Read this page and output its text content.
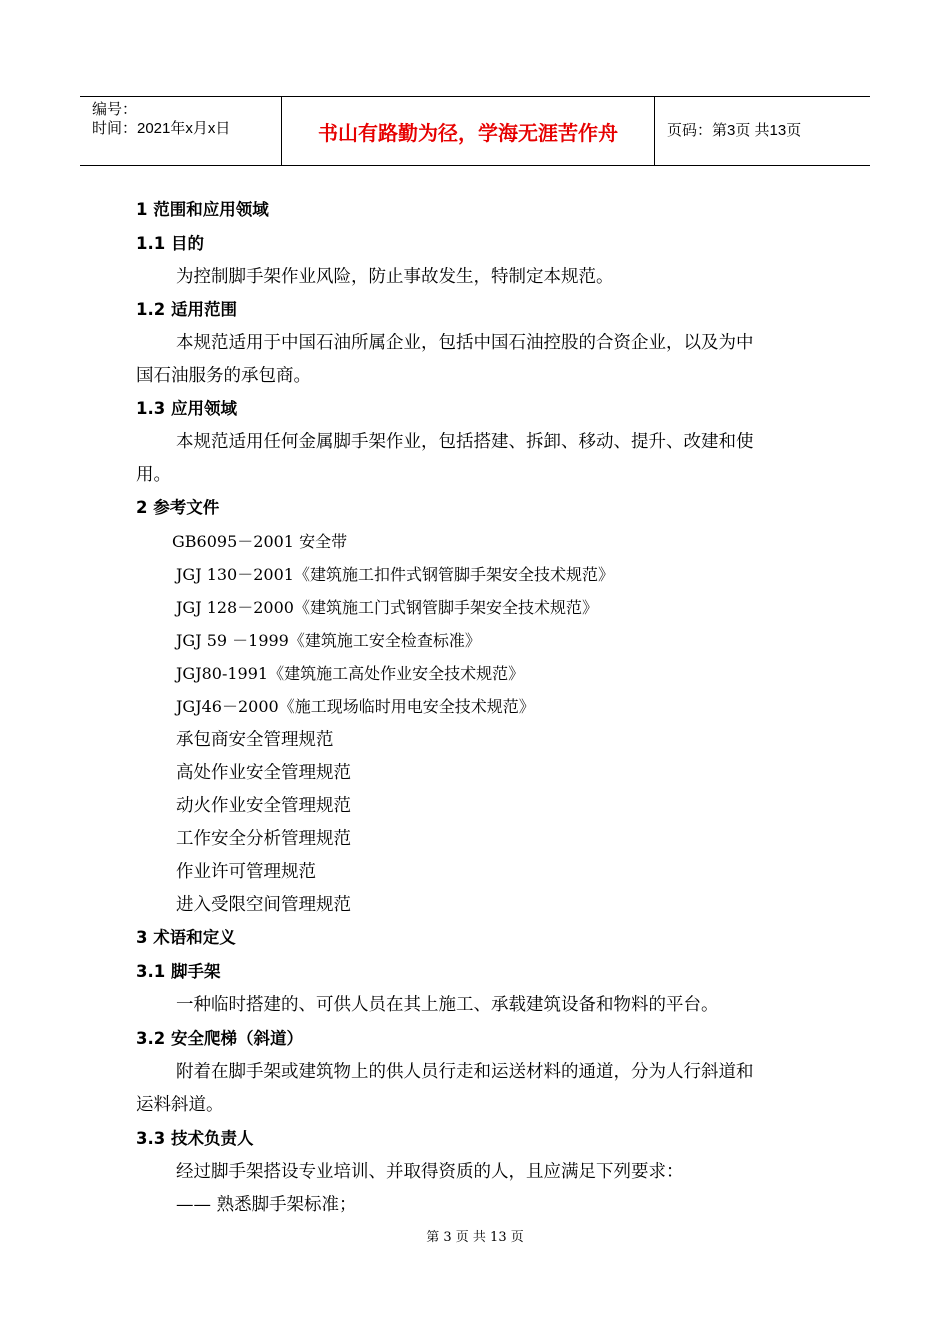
编号：
时间：2021年x月x日	书山有路勤为径，学海无涯苦作舟	页码：第3页 共13页
1 范围和应用领域
1.1 目的
为控制脚手架作业风险，防止事故发生，特制定本规范。
1.2 适用范围
本规范适用于中国石油所属企业，包括中国石油控股的合资企业，以及为中
国石油服务的承包商。
1.3 应用领域
本规范适用任何金属脚手架作业，包括搭建、拆卸、移动、提升、改建和使
用。
2 参考文件
GB6095－2001 安全带
JGJ 130－2001《建筑施工扣件式钢管脚手架安全技术规范》
JGJ 128－2000《建筑施工门式钢管脚手架安全技术规范》
JGJ 59 －1999《建筑施工安全检查标准》
JGJ80-1991《建筑施工高处作业安全技术规范》
JGJ46－2000《施工现场临时用电安全技术规范》
承包商安全管理规范
高处作业安全管理规范
动火作业安全管理规范
工作安全分析管理规范
作业许可管理规范
进入受限空间管理规范
3 术语和定义
3.1 脚手架
一种临时搭建的、可供人员在其上施工、承载建筑设备和物料的平台。
3.2 安全爬梯（斜道）
附着在脚手架或建筑物上的供人员行走和运送材料的通道，分为人行斜道和
运料斜道。
3.3 技术负责人
经过脚手架搭设专业培训、并取得资质的人，且应满足下列要求：
—— 熟悉脚手架标准；
第 3 页 共 13 页
